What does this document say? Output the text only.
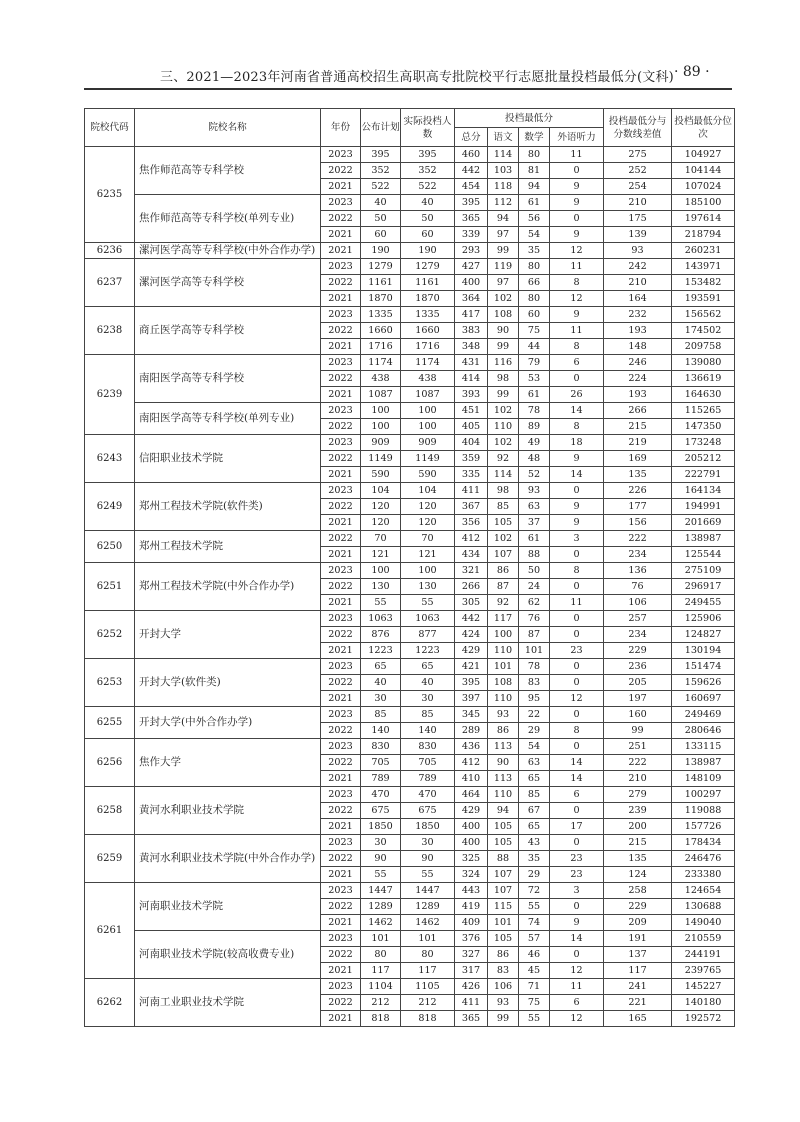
三、2021—2023年河南省普通高校招生高职高专批院校平行志愿批量投档最低分(文科) · 89 ·
院校代码	院校名称	年份	公布计划	实际投档人数	投档最低分				投档最低分与分数线差值	投档最低分位次
					总分	语文	数学	外语听力		
6235	焦作师范高等专科学校	2023	395	395	460	114	80	11	275	104927
		2022	352	352	442	103	81	0	252	104144
		2021	522	522	454	118	94	9	254	107024
	焦作师范高等专科学校(单列专业)	2023	40	40	395	112	61	9	210	185100
		2022	50	50	365	94	56	0	175	197614
		2021	60	60	339	97	54	9	139	218794
6236	漯河医学高等专科学校(中外合作办学)	2021	190	190	293	99	35	12	93	260231
6237	漯河医学高等专科学校	2023	1279	1279	427	119	80	11	242	143971
		2022	1161	1161	400	97	66	8	210	153482
		2021	1870	1870	364	102	80	12	164	193591
6238	商丘医学高等专科学校	2023	1335	1335	417	108	60	9	232	156562
		2022	1660	1660	383	90	75	11	193	174502
		2021	1716	1716	348	99	44	8	148	209758
6239	南阳医学高等专科学校	2023	1174	1174	431	116	79	6	246	139080
		2022	438	438	414	98	53	0	224	136619
		2021	1087	1087	393	99	61	26	193	164630
	南阳医学高等专科学校(单列专业)	2023	100	100	451	102	78	14	266	115265
		2022	100	100	405	110	89	8	215	147350
6243	信阳职业技术学院	2023	909	909	404	102	49	18	219	173248
		2022	1149	1149	359	92	48	9	169	205212
		2021	590	590	335	114	52	14	135	222791
6249	郑州工程技术学院(软件类)	2023	104	104	411	98	93	0	226	164134
		2022	120	120	367	85	63	9	177	194991
		2021	120	120	356	105	37	9	156	201669
6250	郑州工程技术学院	2022	70	70	412	102	61	3	222	138987
		2021	121	121	434	107	88	0	234	125544
6251	郑州工程技术学院(中外合作办学)	2023	100	100	321	86	50	8	136	275109
		2022	130	130	266	87	24	0	76	296917
		2021	55	55	305	92	62	11	106	249455
6252	开封大学	2023	1063	1063	442	117	76	0	257	125906
		2022	876	877	424	100	87	0	234	124827
		2021	1223	1223	429	110	101	23	229	130194
6253	开封大学(软件类)	2023	65	65	421	101	78	0	236	151474
		2022	40	40	395	108	83	0	205	159626
		2021	30	30	397	110	95	12	197	160697
6255	开封大学(中外合作办学)	2023	85	85	345	93	22	0	160	249469
		2022	140	140	289	86	29	8	99	280646
6256	焦作大学	2023	830	830	436	113	54	0	251	133115
		2022	705	705	412	90	63	14	222	138987
		2021	789	789	410	113	65	14	210	148109
6258	黄河水利职业技术学院	2023	470	470	464	110	85	6	279	100297
		2022	675	675	429	94	67	0	239	119088
		2021	1850	1850	400	105	65	17	200	157726
6259	黄河水利职业技术学院(中外合作办学)	2023	30	30	400	105	43	0	215	178434
		2022	90	90	325	88	35	23	135	246476
		2021	55	55	324	107	29	23	124	233380
6261	河南职业技术学院	2023	1447	1447	443	107	72	3	258	124654
		2022	1289	1289	419	115	55	0	229	130688
		2021	1462	1462	409	101	74	9	209	149040
	河南职业技术学院(较高收费专业)	2023	101	101	376	105	57	14	191	210559
		2022	80	80	327	86	46	0	137	244191
		2021	117	117	317	83	45	12	117	239765
6262	河南工业职业技术学院	2023	1104	1105	426	106	71	11	241	145227
		2022	212	212	411	93	75	6	221	140180
		2021	818	818	365	99	55	12	165	192572
